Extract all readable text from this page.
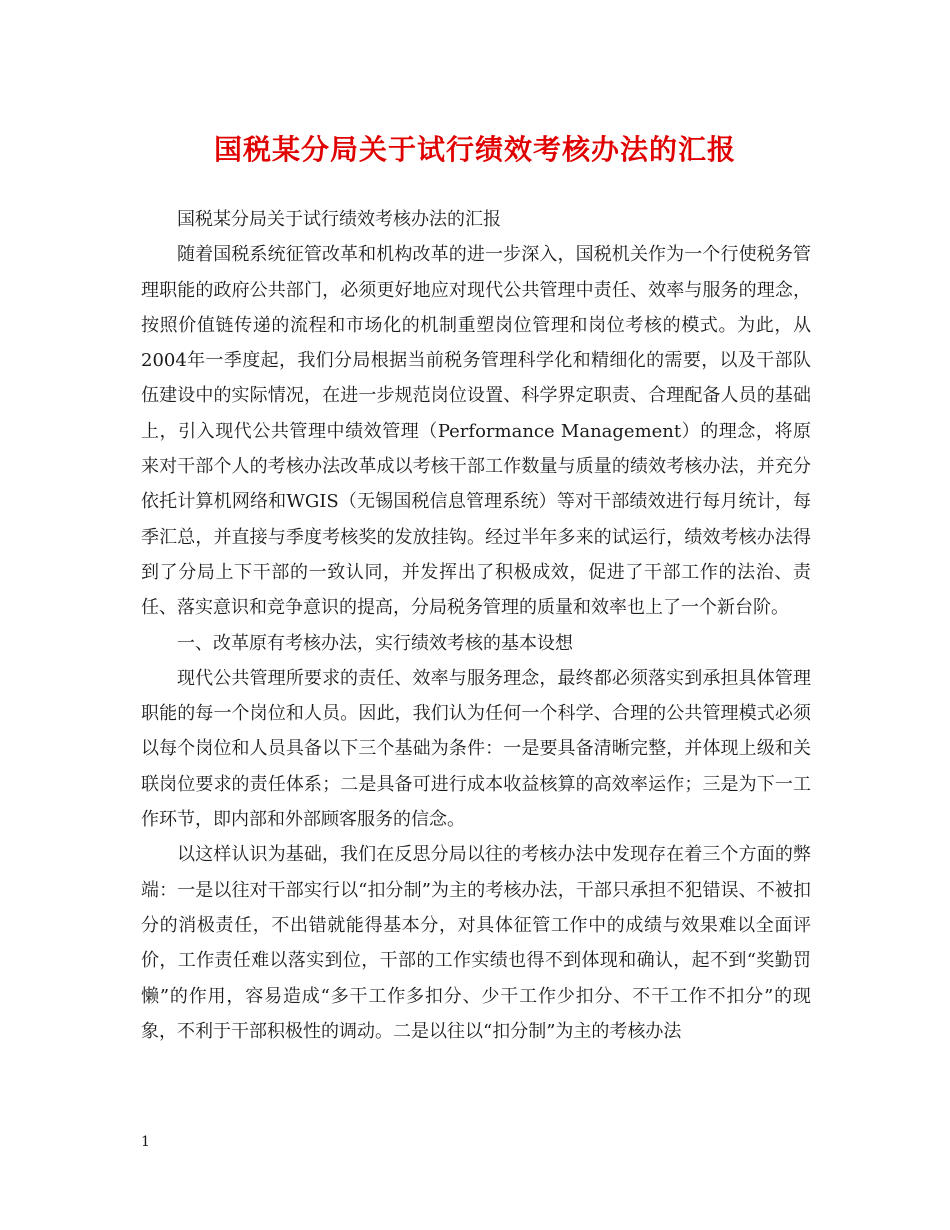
国税某分局关于试行绩效考核办法的汇报

国税某分局关于试行绩效考核办法的汇报

随着国税系统征管改革和机构改革的进一步深入，国税机关作为一个行使税务管理职能的政府公共部门，必须更好地应对现代公共管理中责任、效率与服务的理念，按照价值链传递的流程和市场化的机制重塑岗位管理和岗位考核的模式。为此，从2004年一季度起，我们分局根据当前税务管理科学化和精细化的需要，以及干部队伍建设中的实际情况，在进一步规范岗位设置、科学界定职责、合理配备人员的基础上，引入现代公共管理中绩效管理（Performance Management）的理念，将原来对干部个人的考核办法改革成以考核干部工作数量与质量的绩效考核办法，并充分依托计算机网络和WGIS（无锡国税信息管理系统）等对干部绩效进行每月统计，每季汇总，并直接与季度考核奖的发放挂钩。经过半年多来的试运行，绩效考核办法得到了分局上下干部的一致认同，并发挥出了积极成效，促进了干部工作的法治、责任、落实意识和竞争意识的提高，分局税务管理的质量和效率也上了一个新台阶。

一、改革原有考核办法，实行绩效考核的基本设想

现代公共管理所要求的责任、效率与服务理念，最终都必须落实到承担具体管理职能的每一个岗位和人员。因此，我们认为任何一个科学、合理的公共管理模式必须以每个岗位和人员具备以下三个基础为条件：一是要具备清晰完整，并体现上级和关联岗位要求的责任体系；二是具备可进行成本收益核算的高效率运作；三是为下一工作环节，即内部和外部顾客服务的信念。

以这样认识为基础，我们在反思分局以往的考核办法中发现存在着三个方面的弊端：一是以往对干部实行以“扣分制”为主的考核办法，干部只承担不犯错误、不被扣分的消极责任，不出错就能得基本分，对具体征管工作中的成绩与效果难以全面评价，工作责任难以落实到位，干部的工作实绩也得不到体现和确认，起不到“奖勤罚懒”的作用，容易造成“多干工作多扣分、少干工作少扣分、不干工作不扣分”的现象，不利于干部积极性的调动。二是以往以“扣分制”为主的考核办法

1
